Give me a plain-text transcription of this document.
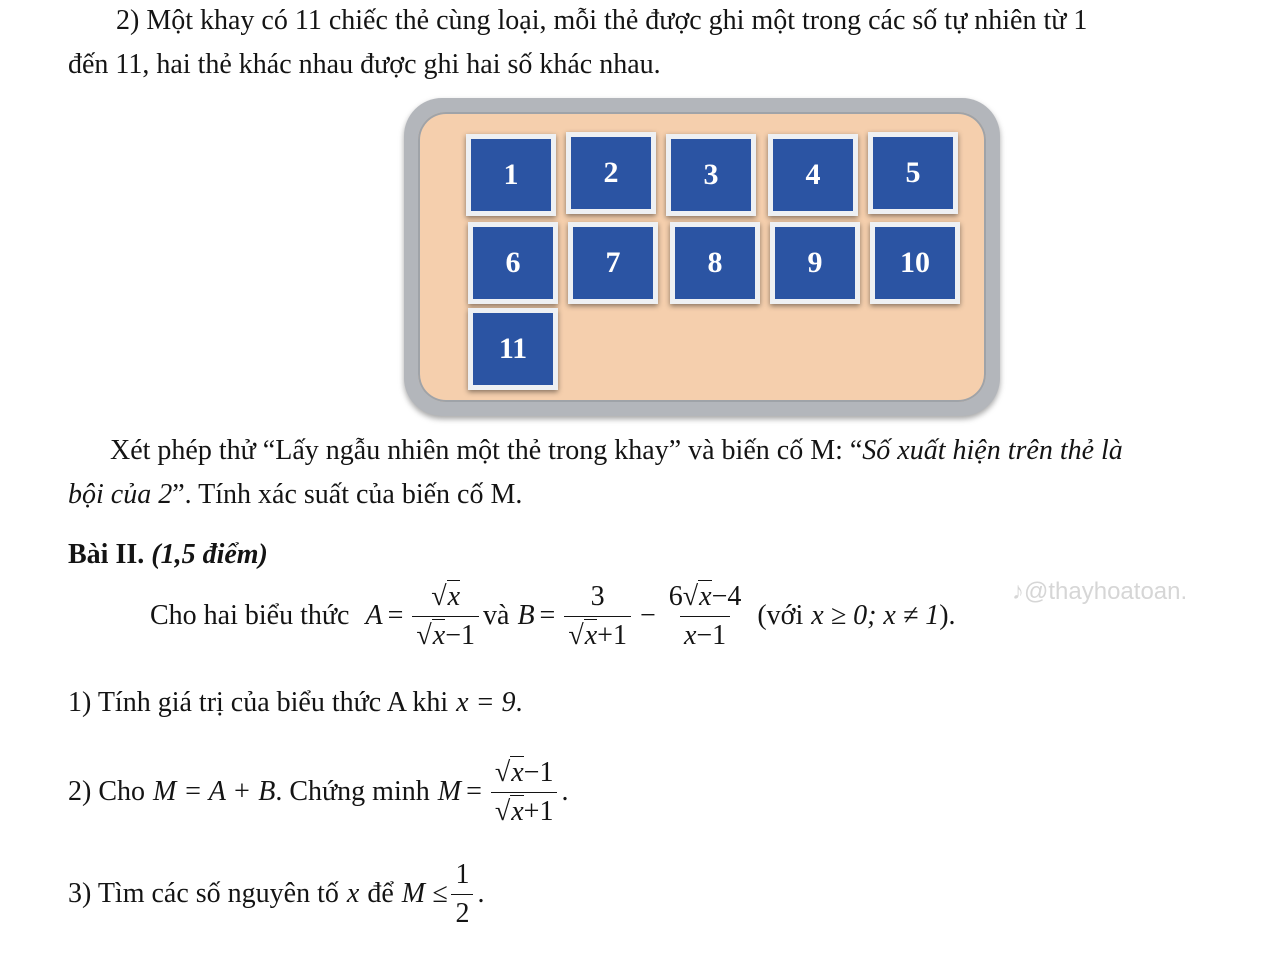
2) Một khay có 11 chiếc thẻ cùng loại, mỗi thẻ được ghi một trong các số tự nhiên từ 1
đến 11, hai thẻ khác nhau được ghi hai số khác nhau.
1	2	3	4	5
6	7	8	9	10
11
Xét phép thử “Lấy ngẫu nhiên một thẻ trong khay” và biến cố M: “Số xuất hiện trên thẻ là
bội của 2”. Tính xác suất của biến cố M.
Bài II. (1,5 điểm)
Cho hai biểu thức $A = \frac{√x}{√x-1}$ và $B = \frac{3}{√x+1} - \frac{6√x-4}{x-1}$ (với x ≥ 0; x ≠ 1 ).
♪@thayhoatoan.
1) Tính giá trị của biểu thức A khi x = 9 .
2) Cho M = A + B . Chứng minh $M = \frac{√x-1}{√x+1}$ .
3) Tìm các số nguyên tố x để $M \le \frac{1}{2}$ .
